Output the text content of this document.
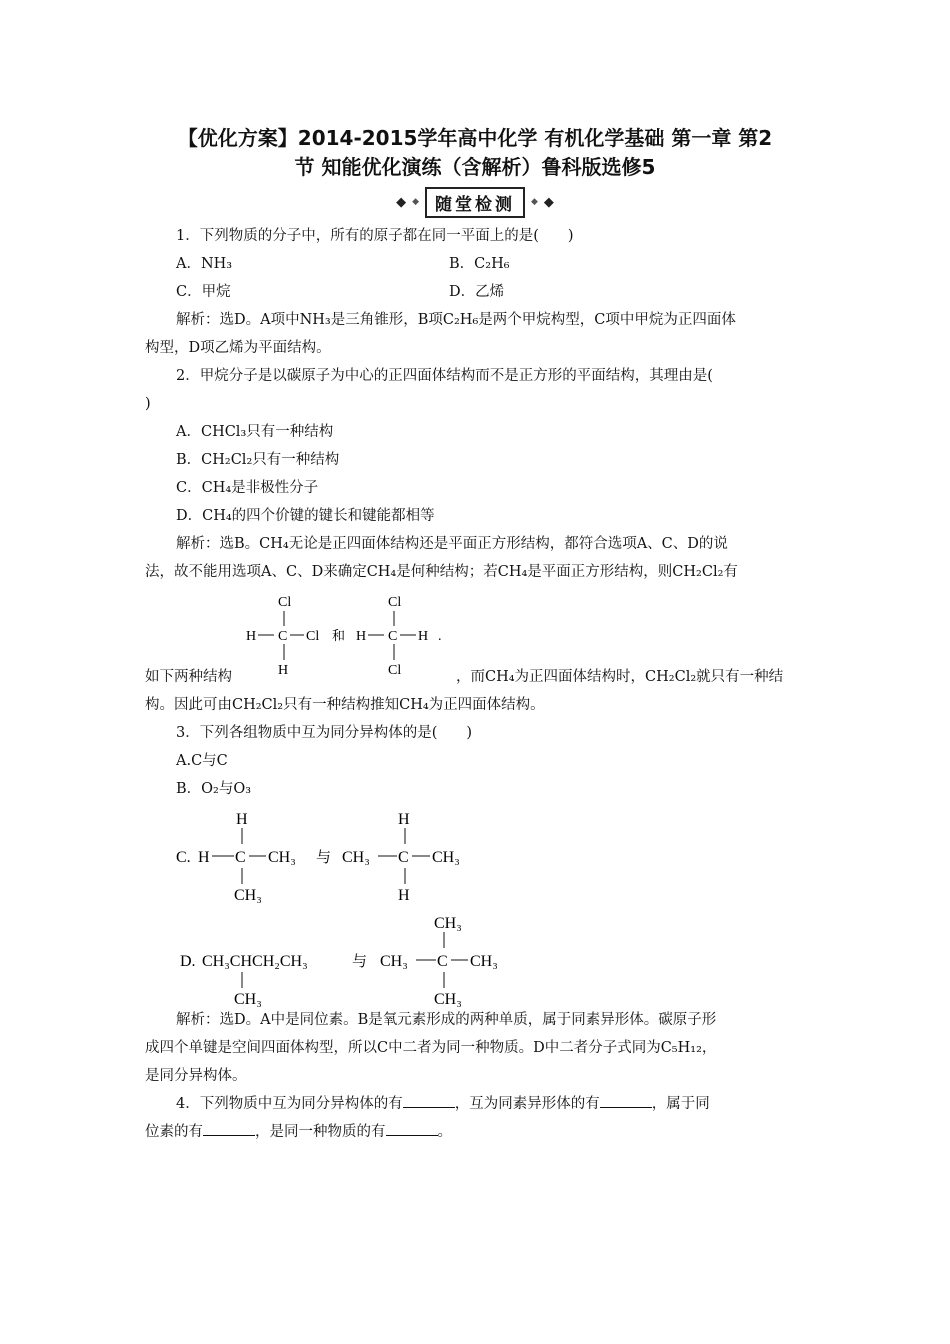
【优化方案】2014-2015学年高中化学 有机化学基础 第一章 第2
节 知能优化演练（含解析）鲁科版选修5
◆ ◆ 随堂检测	◆ ◆
1．下列物质的分子中，所有的原子都在同一平面上的是(　　)
A．NH₃	B．C₂H₆
C．甲烷	D．乙烯
解析：选D。A项中NH₃是三角锥形，B项C₂H₆是两个甲烷构型，C项中甲烷为正四面体
构型，D项乙烯为平面结构。
2．甲烷分子是以碳原子为中心的正四面体结构而不是正方形的平面结构，其理由是(
)
A．CHCl₃只有一种结构
B．CH₂Cl₂只有一种结构
C．CH₄是非极性分子
D．CH₄的四个价键的键长和键能都相等
解析：选B。CH₄无论是正四面体结构还是平面正方形结构，都符合选项A、C、D的说
法，故不能用选项A、C、D来确定CH₄是何种结构；若CH₄是平面正方形结构，则CH₂Cl₂有
Cl
H C Cl
H
和
Cl
H C H
Cl
.
如下两种结构	，而CH₄为正四面体结构时，CH₂Cl₂就只有一种结
构。因此可由CH₂Cl₂只有一种结构推知CH₄为正四面体结构。
3．下列各组物质中互为同分异构体的是(　　)
A.C与C
B．O₂与O₃
C.
H
H C CH₃
CH₃
与
H
CH₃ C CH₃
H
D. CH₃CHCH₂CH₃
CH₃
与
CH₃
CH₃ C CH₃
CH₃
解析：选D。A中是同位素。B是氧元素形成的两种单质，属于同素异形体。碳原子形
成四个单键是空间四面体构型，所以C中二者为同一种物质。D中二者分子式同为C₅H₁₂，
是同分异构体。
4．下列物质中互为同分异构体的有	，互为同素异形体的有	，属于同
位素的有	，是同一种物质的有	。
